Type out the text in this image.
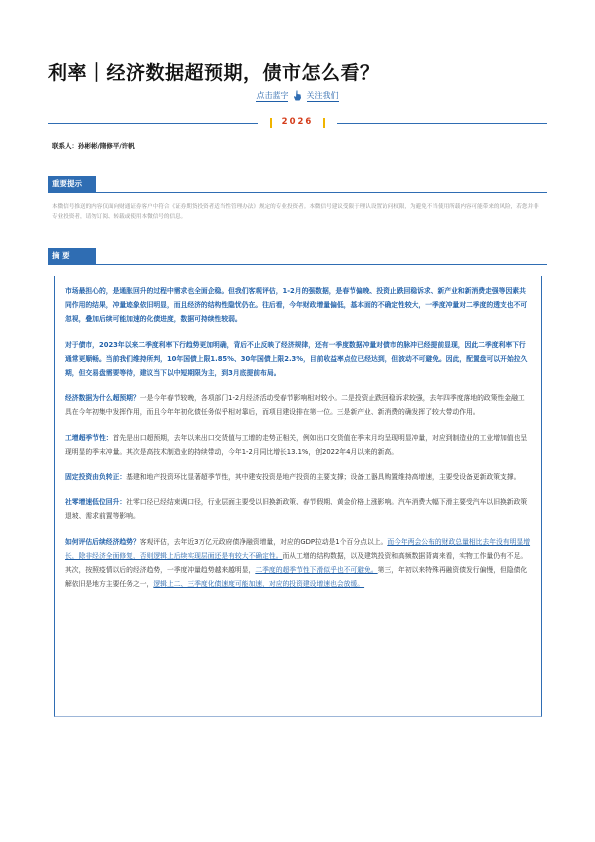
利率｜经济数据超预期，债市怎么看？
点击蓝字 关注我们
2026
联系人：孙彬彬/隋修平/许帆
重要提示
本微信号推送的内容仅面向财通证券客户中符合《证券期货投资者适当性管理办法》规定的专业投资者。本微信号建议受限于理认设置访问权限，为避免不当使用所载内容可能带来的风险，若您并非专业投资者，请勿订阅、转载或使用本微信号的信息。
摘 要

市场最担心的，是通胀回升的过程中需求也全面企稳。但我们客观评估，1-2月的强数据，是春节偏晚、投资止跌回稳诉求、新产业和新消费走强等因素共同作用的结果，冲量迹象依旧明显，而且经济的结构性隐忧仍在。往后看，今年财政增量偏低，基本面的不确定性较大，一季度冲量对二季度的透支也不可忽视，叠加后续可能加速的化债进度，数据可持续性较弱。

对于债市，2023年以来二季度利率下行趋势更加明确，背后不止反映了经济规律，还有一季度数据冲量对债市的脉冲已经提前显现，因此二季度利率下行通常更顺畅。当前我们维持所判，10年国债上限1.85%、30年国债上限2.3%，目前收益率点位已经达到，但波动不可避免。因此，配置盘可以开始拉久期，但交易盘需要等待，建议当下以中短期限为主，到3月底提前布局。

经济数据为什么超预期？一是今年春节较晚，各项部门1-2月经济活动受春节影响相对较小。二是投资止跌回稳诉求较强，去年四季度落地的政策性金融工具在今年初集中发挥作用，而且今年年初化债任务似乎相对靠后，而项目建设排在第一位。三是新产业、新消费的确发挥了较大带动作用。

工增超季节性：首先是出口超预期，去年以来出口交货值与工增的走势正相关，例如出口交货值在季末月均呈现明显冲量，对应到制造业的工业增加值也呈现明显的季末冲量。其次是高技术制造业的持续带动，今年1-2月同比增长13.1%，创2022年4月以来的新高。

固定投资由负转正：基建和地产投资环比显著超季节性，其中建安投资是地产投资的主要支撑；设备工器具购置维持高增速，主要受设备更新政策支撑。

社零增速低位回升：社零口径已经结束调口径，行业层面主要受以旧换新政策、春节假期、黄金价格上涨影响。汽车消费大幅下滑主要受汽车以旧换新政策退坡、需求前置等影响。

如何评估后续经济趋势？客观评估，去年近3万亿元政府债净融资增量，对应的GDP拉动是1个百分点以上。而今年两会公布的财政总量相比去年没有明显增长，除非经济全面修复，否则逻辑上后续实现层面还是有较大不确定性。而从工增的结构数据，以及建筑投资和高频数据背离来看，实物工作量仍有不足。其次，按照疫情以后的经济趋势，一季度冲量趋势越来越明显，二季度的超季节性下滑似乎也不可避免。第三，年初以来特殊再融资债发行偏慢，但隐债化解依旧是地方主要任务之一，逻辑上二、三季度化债速度可能加速，对应的投资建设增速也会放缓。
